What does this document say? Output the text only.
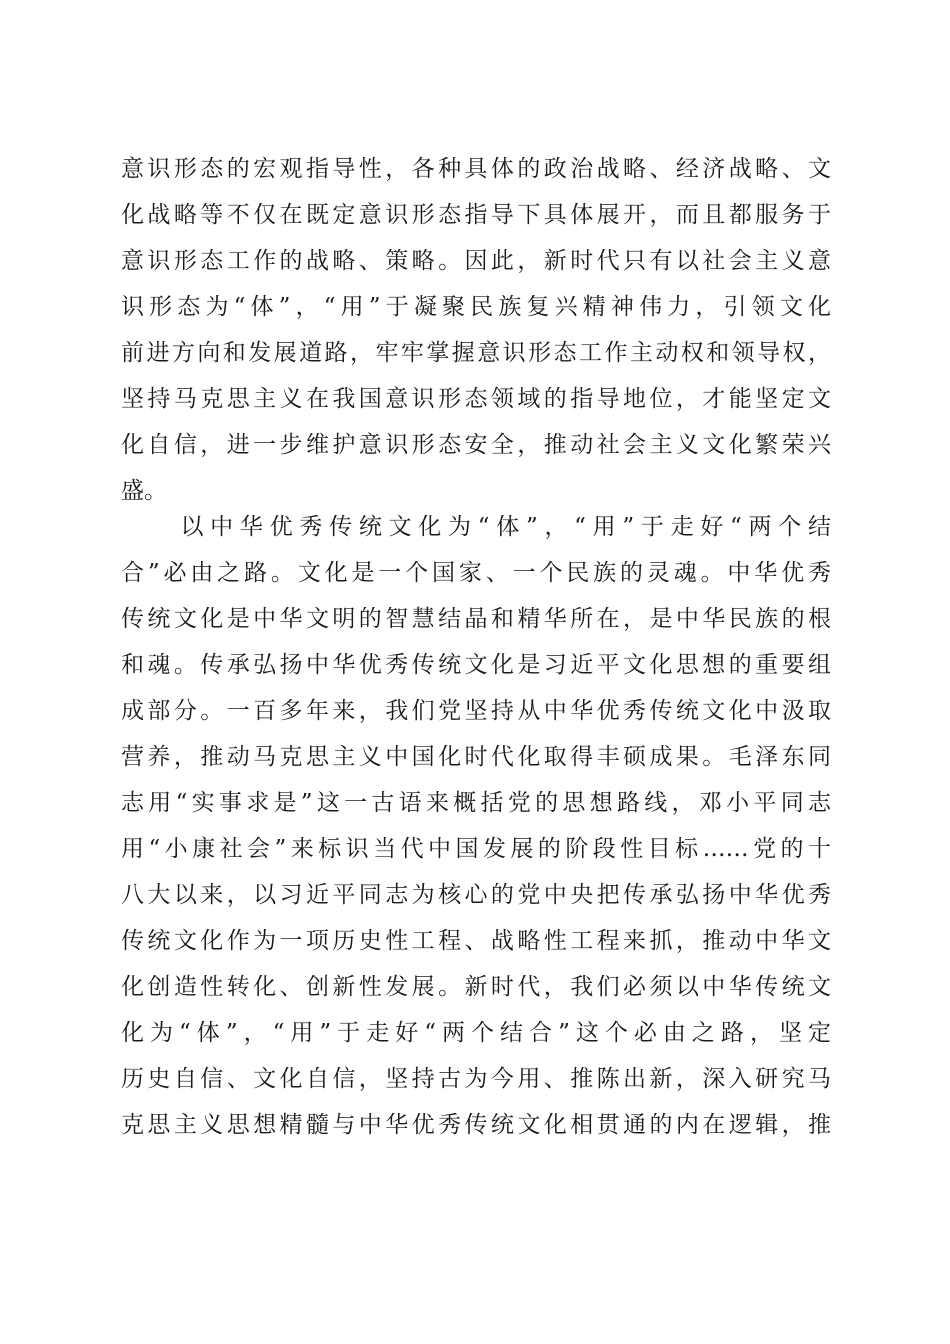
意识形态的宏观指导性，各种具体的政治战略、经济战略、文
化战略等不仅在既定意识形态指导下具体展开，而且都服务于
意识形态工作的战略、策略。因此，新时代只有以社会主义意
识形态为“体”，“用”于凝聚民族复兴精神伟力，引领文化
前进方向和发展道路，牢牢掌握意识形态工作主动权和领导权，
坚持马克思主义在我国意识形态领域的指导地位，才能坚定文
化自信，进一步维护意识形态安全，推动社会主义文化繁荣兴
盛。
　　以中华优秀传统文化为“体”，“用”于走好“两个结
合”必由之路。文化是一个国家、一个民族的灵魂。中华优秀
传统文化是中华文明的智慧结晶和精华所在，是中华民族的根
和魂。传承弘扬中华优秀传统文化是习近平文化思想的重要组
成部分。一百多年来，我们党坚持从中华优秀传统文化中汲取
营养，推动马克思主义中国化时代化取得丰硕成果。毛泽东同
志用“实事求是”这一古语来概括党的思想路线，邓小平同志
用“小康社会”来标识当代中国发展的阶段性目标……党的十
八大以来，以习近平同志为核心的党中央把传承弘扬中华优秀
传统文化作为一项历史性工程、战略性工程来抓，推动中华文
化创造性转化、创新性发展。新时代，我们必须以中华传统文
化为“体”，“用”于走好“两个结合”这个必由之路，坚定
历史自信、文化自信，坚持古为今用、推陈出新，深入研究马
克思主义思想精髓与中华优秀传统文化相贯通的内在逻辑，推
